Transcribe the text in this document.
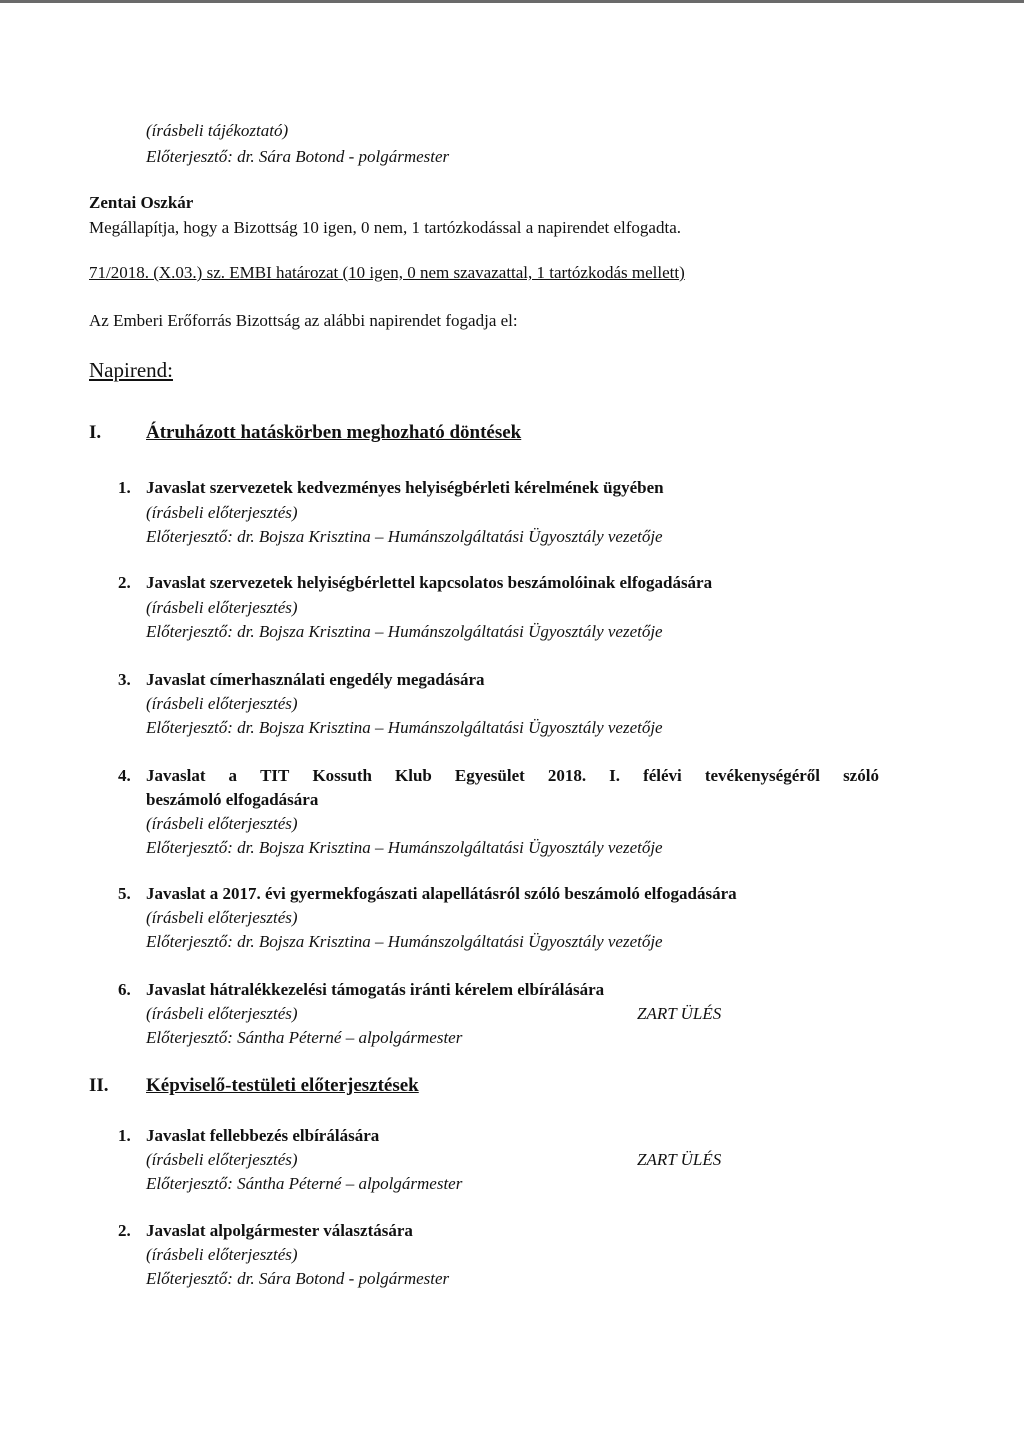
(írásbeli tájékoztató)
Előterjesztő: dr. Sára Botond - polgármester
Zentai Oszkár
Megállapítja, hogy a Bizottság 10 igen, 0 nem, 1 tartózkodással a napirendet elfogadta.
71/2018. (X.03.) sz. EMBI határozat (10 igen, 0 nem szavazattal, 1 tartózkodás mellett)
Az Emberi Erőforrás Bizottság az alábbi napirendet fogadja el:
Napirend:
I. Átruházott hatáskörben meghozható döntések
1. Javaslat szervezetek kedvezményes helyiségbérleti kérelmének ügyében
(írásbeli előterjesztés)
Előterjesztő: dr. Bojsza Krisztina – Humánszolgáltatási Ügyosztály vezetője
2. Javaslat szervezetek helyiségbérlettel kapcsolatos beszámolóinak elfogadására
(írásbeli előterjesztés)
Előterjesztő: dr. Bojsza Krisztina – Humánszolgáltatási Ügyosztály vezetője
3. Javaslat címerhasználati engedély megadására
(írásbeli előterjesztés)
Előterjesztő: dr. Bojsza Krisztina – Humánszolgáltatási Ügyosztály vezetője
4. Javaslat a TIT Kossuth Klub Egyesület 2018. I. félévi tevékenységéről szóló
beszámoló elfogadására
(írásbeli előterjesztés)
Előterjesztő: dr. Bojsza Krisztina – Humánszolgáltatási Ügyosztály vezetője
5. Javaslat a 2017. évi gyermekfogászati alapellátásról szóló beszámoló elfogadására
(írásbeli előterjesztés)
Előterjesztő: dr. Bojsza Krisztina – Humánszolgáltatási Ügyosztály vezetője
6. Javaslat hátralékkezelési támogatás iránti kérelem elbírálására
(írásbeli előterjesztés)	ZART ÜLÉS
Előterjesztő: Sántha Péterné – alpolgármester
II. Képviselő-testületi előterjesztések
1. Javaslat fellebbezés elbírálására
(írásbeli előterjesztés)	ZART ÜLÉS
Előterjesztő: Sántha Péterné – alpolgármester
2. Javaslat alpolgármester választására
(írásbeli előterjesztés)
Előterjesztő: dr. Sára Botond - polgármester
